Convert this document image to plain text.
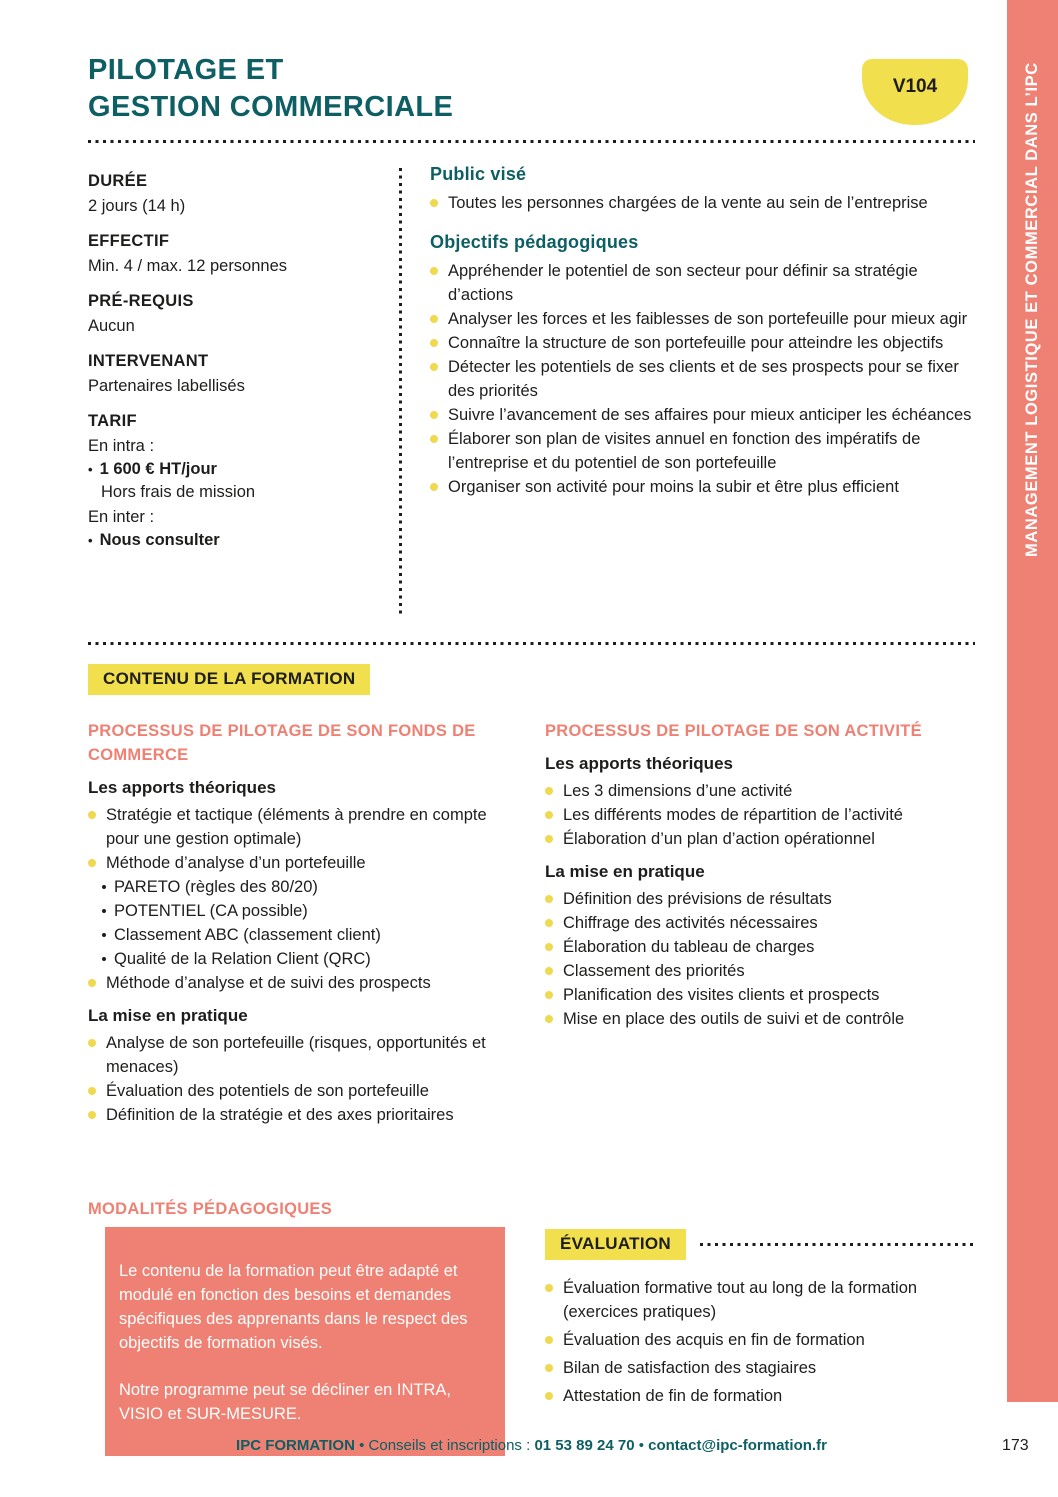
MANAGEMENT LOGISTIQUE ET COMMERCIAL DANS L’IPC
PILOTAGE ET
GESTION COMMERCIALE
V104
DURÉE
2 jours (14 h)
EFFECTIF
Min. 4 / max. 12 personnes
PRÉ-REQUIS
Aucun
INTERVENANT
Partenaires labellisés
TARIF
En intra :
• 1 600 € HT/jour
Hors frais de mission
En inter :
• Nous consulter
Public visé
Toutes les personnes chargées de la vente au sein de l’entreprise
Objectifs pédagogiques
Appréhender le potentiel de son secteur pour définir sa stratégie d’actions
Analyser les forces et les faiblesses de son portefeuille pour mieux agir
Connaître la structure de son portefeuille pour atteindre les objectifs
Détecter les potentiels de ses clients et de ses prospects pour se fixer des priorités
Suivre l’avancement de ses affaires pour mieux anticiper les échéances
Élaborer son plan de visites annuel en fonction des impératifs de l’entreprise et du potentiel de son portefeuille
Organiser son activité pour moins la subir et être plus efficient
CONTENU DE LA FORMATION
PROCESSUS DE PILOTAGE DE SON FONDS DE COMMERCE
Les apports théoriques
Stratégie et tactique (éléments à prendre en compte pour une gestion optimale)
Méthode d’analyse d’un portefeuille
PARETO (règles des 80/20)
POTENTIEL (CA possible)
Classement ABC (classement client)
Qualité de la Relation Client (QRC)
Méthode d’analyse et de suivi des prospects
La mise en pratique
Analyse de son portefeuille (risques, opportunités et menaces)
Évaluation des potentiels de son portefeuille
Définition de la stratégie et des axes prioritaires
PROCESSUS DE PILOTAGE DE SON ACTIVITÉ
Les apports théoriques
Les 3 dimensions d’une activité
Les différents modes de répartition de l’activité
Élaboration d’un plan d’action opérationnel
La mise en pratique
Définition des prévisions de résultats
Chiffrage des activités nécessaires
Élaboration du tableau de charges
Classement des priorités
Planification des visites clients et prospects
Mise en place des outils de suivi et de contrôle
MODALITÉS PÉDAGOGIQUES

Le contenu de la formation peut être adapté et modulé en fonction des besoins et demandes spécifiques des apprenants dans le respect des objectifs de formation visés.

Notre programme peut se décliner en INTRA, VISIO et SUR-MESURE.

ÉVALUATION
Évaluation formative tout au long de la formation (exercices pratiques)
Évaluation des acquis en fin de formation
Bilan de satisfaction des stagiaires
Attestation de fin de formation
IPC FORMATION • Conseils et inscriptions : 01 53 89 24 70 • contact@ipc-formation.fr	173
